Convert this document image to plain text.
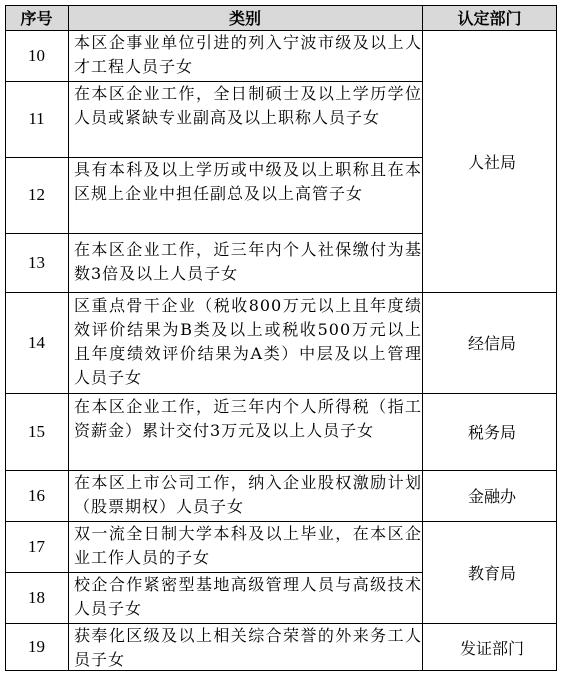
序号	类别	认定部门
10
本区企事业单位引进的列入宁波市级及以上人才工程人员子女
11
在本区企业工作，全日制硕士及以上学历学位人员或紧缺专业副高及以上职称人员子女
12
具有本科及以上学历或中级及以上职称且在本区规上企业中担任副总及以上高管子女
13
在本区企业工作，近三年内个人社保缴付为基数3倍及以上人员子女
14
区重点骨干企业（税收800万元以上且年度绩效评价结果为B类及以上或税收500万元以上且年度绩效评价结果为A类）中层及以上管理人员子女
15
在本区企业工作，近三年内个人所得税（指工资薪金）累计交付3万元及以上人员子女
16
在本区上市公司工作，纳入企业股权激励计划（股票期权）人员子女
17
双一流全日制大学本科及以上毕业，在本区企业工作人员的子女
18
校企合作紧密型基地高级管理人员与高级技术人员子女
19
获奉化区级及以上相关综合荣誉的外来务工人员子女
人社局
经信局
税务局
金融办
教育局
发证部门
